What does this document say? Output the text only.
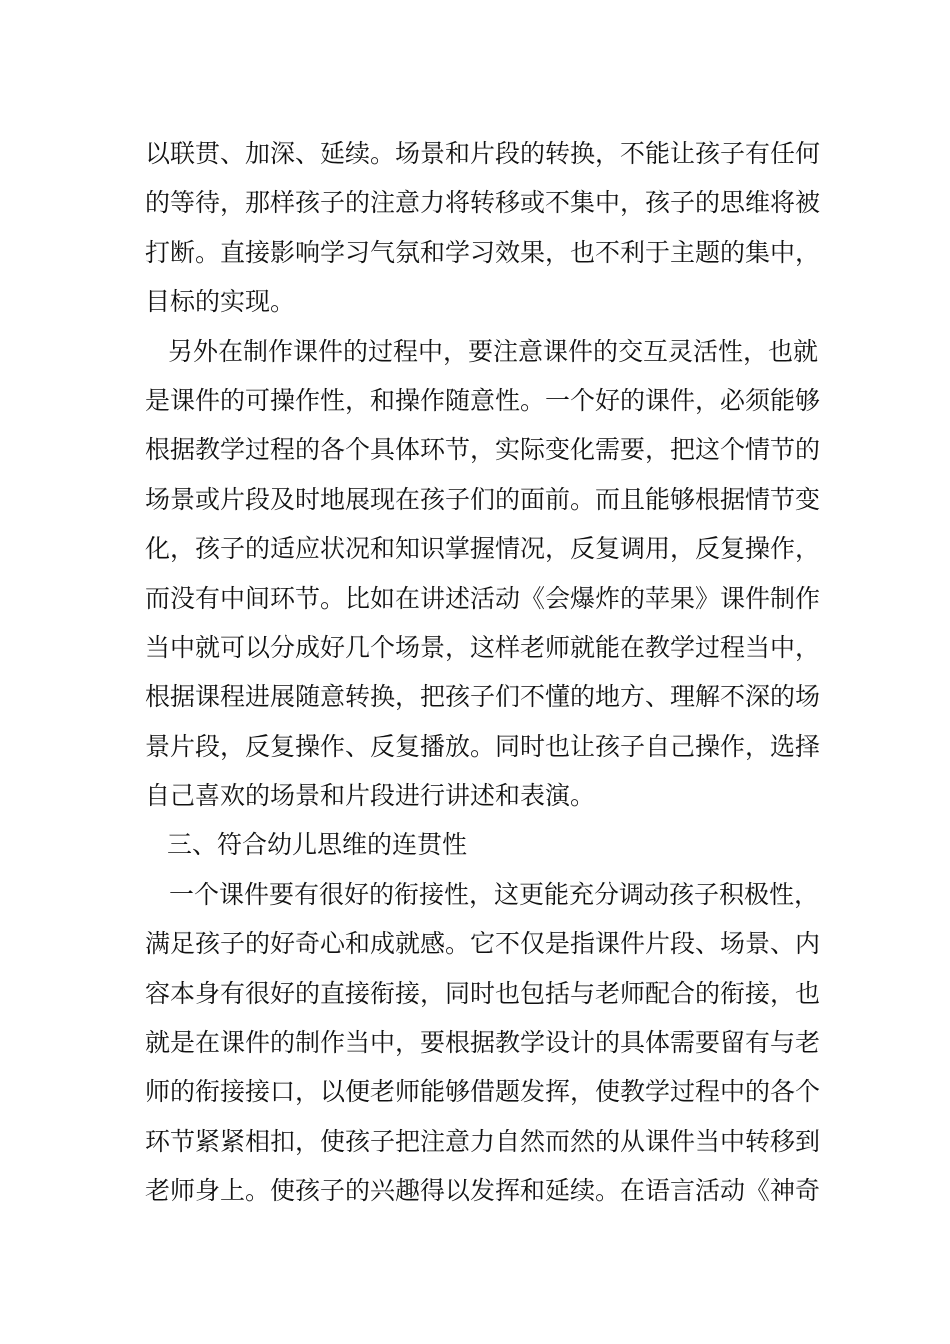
以联贯、加深、延续。场景和片段的转换，不能让孩子有任何
的等待，那样孩子的注意力将转移或不集中，孩子的思维将被
打断。直接影响学习气氛和学习效果，也不利于主题的集中，
目标的实现。
另外在制作课件的过程中，要注意课件的交互灵活性，也就
是课件的可操作性，和操作随意性。一个好的课件，必须能够
根据教学过程的各个具体环节，实际变化需要，把这个情节的
场景或片段及时地展现在孩子们的面前。而且能够根据情节变
化，孩子的适应状况和知识掌握情况，反复调用，反复操作，
而没有中间环节。比如在讲述活动《会爆炸的苹果》课件制作
当中就可以分成好几个场景，这样老师就能在教学过程当中，
根据课程进展随意转换，把孩子们不懂的地方、理解不深的场
景片段，反复操作、反复播放。同时也让孩子自己操作，选择
自己喜欢的场景和片段进行讲述和表演。
三、符合幼儿思维的连贯性
一个课件要有很好的衔接性，这更能充分调动孩子积极性，
满足孩子的好奇心和成就感。它不仅是指课件片段、场景、内
容本身有很好的直接衔接，同时也包括与老师配合的衔接，也
就是在课件的制作当中，要根据教学设计的具体需要留有与老
师的衔接接口，以便老师能够借题发挥，使教学过程中的各个
环节紧紧相扣，使孩子把注意力自然而然的从课件当中转移到
老师身上。使孩子的兴趣得以发挥和延续。在语言活动《神奇
